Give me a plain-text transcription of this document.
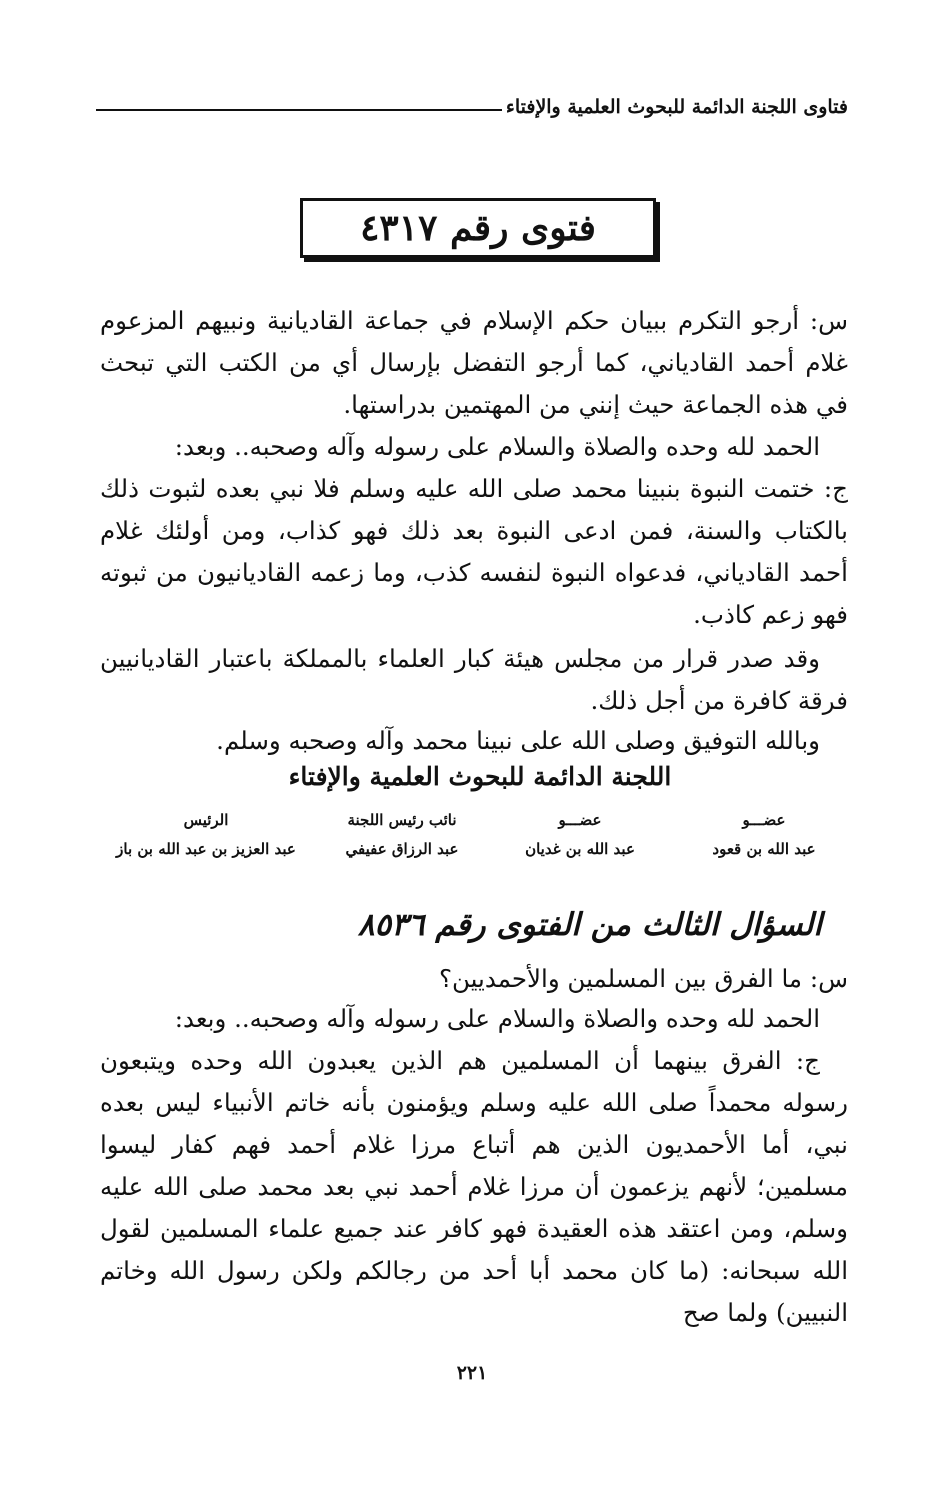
فتاوى اللجنة الدائمة للبحوث العلمية والإفتاء
فتوى رقم ٤٣١٧
س: أرجو التكرم ببيان حكم الإسلام في جماعة القاديانية ونبيهم المزعوم غلام أحمد القادياني، كما أرجو التفضل بإرسال أي من الكتب التي تبحث في هذه الجماعة حيث إنني من المهتمين بدراستها.
الحمد لله وحده والصلاة والسلام على رسوله وآله وصحبه.. وبعد:
ج: ختمت النبوة بنبينا محمد صلى الله عليه وسلم فلا نبي بعده لثبوت ذلك بالكتاب والسنة، فمن ادعى النبوة بعد ذلك فهو كذاب، ومن أولئك غلام أحمد القادياني، فدعواه النبوة لنفسه كذب، وما زعمه القاديانيون من ثبوته فهو زعم كاذب.
وقد صدر قرار من مجلس هيئة كبار العلماء بالمملكة باعتبار القاديانيين فرقة كافرة من أجل ذلك.
وبالله التوفيق وصلى الله على نبينا محمد وآله وصحبه وسلم.
اللجنة الدائمة للبحوث العلمية والإفتاء
الرئيس
عبد العزيز بن عبد الله بن باز
نائب رئيس اللجنة
عبد الرزاق عفيفي
عضـــو
عبد الله بن غديان
عضـــو
عبد الله بن قعود
السؤال الثالث من الفتوى رقم ٨٥٣٦
س: ما الفرق بين المسلمين والأحمديين؟
الحمد لله وحده والصلاة والسلام على رسوله وآله وصحبه.. وبعد:
ج: الفرق بينهما أن المسلمين هم الذين يعبدون الله وحده ويتبعون رسوله محمداً صلى الله عليه وسلم ويؤمنون بأنه خاتم الأنبياء ليس بعده نبي، أما الأحمديون الذين هم أتباع مرزا غلام أحمد فهم كفار ليسوا مسلمين؛ لأنهم يزعمون أن مرزا غلام أحمد نبي بعد محمد صلى الله عليه وسلم، ومن اعتقد هذه العقيدة فهو كافر عند جميع علماء المسلمين لقول الله سبحانه: (ما كان محمد أبا أحد من رجالكم ولكن رسول الله وخاتم النبيين) ولما صح
٢٢١
